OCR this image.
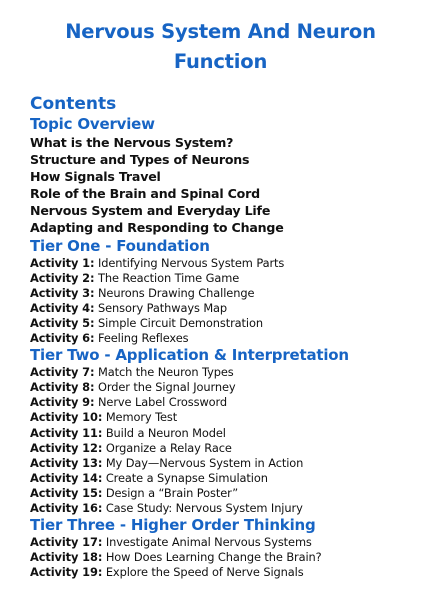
Nervous System And Neuron
Function
Contents
Topic Overview
What is the Nervous System?
Structure and Types of Neurons
How Signals Travel
Role of the Brain and Spinal Cord
Nervous System and Everyday Life
Adapting and Responding to Change
Tier One - Foundation
Activity 1: Identifying Nervous System Parts
Activity 2: The Reaction Time Game
Activity 3: Neurons Drawing Challenge
Activity 4: Sensory Pathways Map
Activity 5: Simple Circuit Demonstration
Activity 6: Feeling Reflexes
Tier Two - Application & Interpretation
Activity 7: Match the Neuron Types
Activity 8: Order the Signal Journey
Activity 9: Nerve Label Crossword
Activity 10: Memory Test
Activity 11: Build a Neuron Model
Activity 12: Organize a Relay Race
Activity 13: My Day—Nervous System in Action
Activity 14: Create a Synapse Simulation
Activity 15: Design a “Brain Poster”
Activity 16: Case Study: Nervous System Injury
Tier Three - Higher Order Thinking
Activity 17: Investigate Animal Nervous Systems
Activity 18: How Does Learning Change the Brain?
Activity 19: Explore the Speed of Nerve Signals
